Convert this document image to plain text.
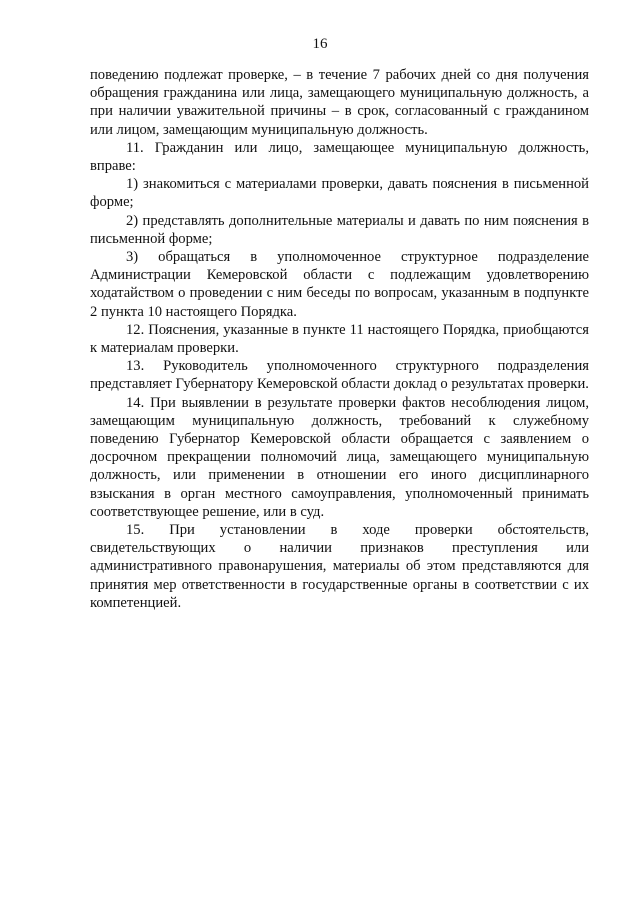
16

поведению подлежат проверке, – в течение 7 рабочих дней со дня получения обращения гражданина или лица, замещающего муниципальную должность, а при наличии уважительной причины – в срок, согласованный с гражданином или лицом, замещающим муниципальную должность.

11. Гражданин или лицо, замещающее муниципальную должность, вправе:

1) знакомиться с материалами проверки, давать пояснения в письменной форме;

2) представлять дополнительные материалы и давать по ним пояснения в письменной форме;

3) обращаться в уполномоченное структурное подразделение Администрации Кемеровской области с подлежащим удовлетворению ходатайством о проведении с ним беседы по вопросам, указанным в подпункте 2 пункта 10 настоящего Порядка.

12. Пояснения, указанные в пункте 11 настоящего Порядка, приобщаются к материалам проверки.

13. Руководитель уполномоченного структурного подразделения представляет Губернатору Кемеровской области доклад о результатах проверки.

14. При выявлении в результате проверки фактов несоблюдения лицом, замещающим муниципальную должность, требований к служебному поведению Губернатор Кемеровской области обращается с заявлением о досрочном прекращении полномочий лица, замещающего муниципальную должность, или применении в отношении его иного дисциплинарного взыскания в орган местного самоуправления, уполномоченный принимать соответствующее решение, или в суд.

15. При установлении в ходе проверки обстоятельств, свидетельствующих о наличии признаков преступления или административного правонарушения, материалы об этом представляются для принятия мер ответственности в государственные органы в соответствии с их компетенцией.
